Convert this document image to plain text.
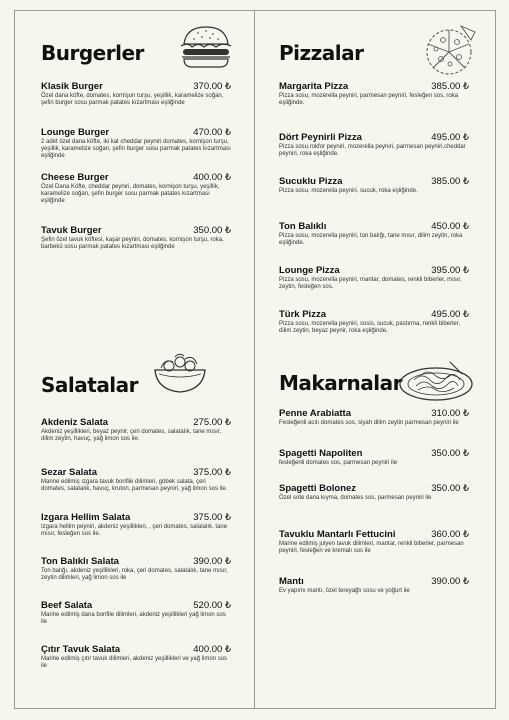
Burgerler	Pizzalar
Salatalar	Makarnalar
Klasik Burger	370.00 ₺
Özel dana köfte, domates, kornişon turşu, yeşillik, karamelize soğan, şefin burger sosu parmak patates kızartması eşliğinde
Lounge Burger	470.00 ₺
2 adet özel dana köfte, iki kat cheddar peyniri domates, kornişon turşu, yeşillik, karamelize soğan, şefin burger sosu parmak patates kızartması eşliğinde
Cheese Burger	400.00 ₺
Özel Dana Köfte, cheddar peyniri, domates, kornişon turşu, yeşillik, karamelize soğan, şefin burger sosu parmak patates kızartması eşliğinde
Tavuk Burger	350.00 ₺
Şefin özel tavuk köftesi, kaşar peyniri, domates, kornişon turşu, roka, barbekü sosu parmak patates kızartması eşliğinde
Margarita Pizza	385.00 ₺
Pizza sosu, mozerella peyniri, parmesan peyniri, fesleğen sos, roka eşliğinde.
Dört Peynirli Pizza	495.00 ₺
Pizza sosu,rokfor peyniri, mozerella peyniri, parmesan peyniri,cheddar peyniri, roka eşliğinde.
Sucuklu Pizza	385.00 ₺
Pizza sosu, mozerella peyniri, sucuk, roka eşliğinde.
Ton Balıklı	450.00 ₺
Pizza sosu, mozerella peyniri, ton balığı, tane mısır, dilim zeytin, roka eşliğinde.
Lounge Pizza	395.00 ₺
Pizza sosu, mozerella peyniri, mantar, domates, renkli biberler, mısır, zeytin, fesleğen sos.
Türk Pizza	495.00 ₺
Pizza sosu, mozerella peyniri, sosis, sucuk, pastırma, renkli biberler, dilim zeytin, beyaz peynir, roka eşliğinde.
Akdeniz Salata	275.00 ₺
Akdeniz yeşillikleri, beyaz peynir, çeri domates, salatalık, tane mısır, dilim zeytin, havuç, yağ limon sos ile.
Sezar Salata	375.00 ₺
Marine edilmiş ızgara tavuk bonfile dilimleri, göbek salata, çeri domates, salatalık, havuç, kruton, parmesan peyniri, yağ limon sos ile.
Izgara Hellim Salata	375.00 ₺
Izgara hellim peyniri, akdeniz yeşillikleri, , çeri domates, salatalık, tane mısır, fesleğen sos ile.
Ton Balıklı Salata	390.00 ₺
Ton balığı, akdeniz yeşillikleri, roka, çeri domates, salatalık, tane mısır, zeytin dilimleri, yağ limon sos ile
Beef Salata	520.00 ₺
Marine edilmiş dana bonfile dilimleri, akdeniz yeşillikleri yağ limon sos ile
Çıtır Tavuk Salata	400.00 ₺
Marine edilmiş çıtır tavuk dilimleri, akdeniz yeşillikleri ve yağ limon sos ile
Penne Arabiatta	310.00 ₺
Fesleğenli acılı domates sos, siyah dilim zeytin parmesan peyniri ile
Spagetti Napoliten	350.00 ₺
fesleğenli domates sos, parmesan peyniri ile
Spagetti Bolonez	350.00 ₺
Özel sote dana kıyma, domates sos, parmesan peyniri ile
Tavuklu Mantarlı Fettucini	360.00 ₺
Marine edilmiş julyen tavuk dilimleri, mantar, renkli biberler, parmesan peyniri, fesleğen ve kremalı sos ile
Mantı	390.00 ₺
Ev yapımı mantı, özel tereyağlı sosu ve yoğurt ile
